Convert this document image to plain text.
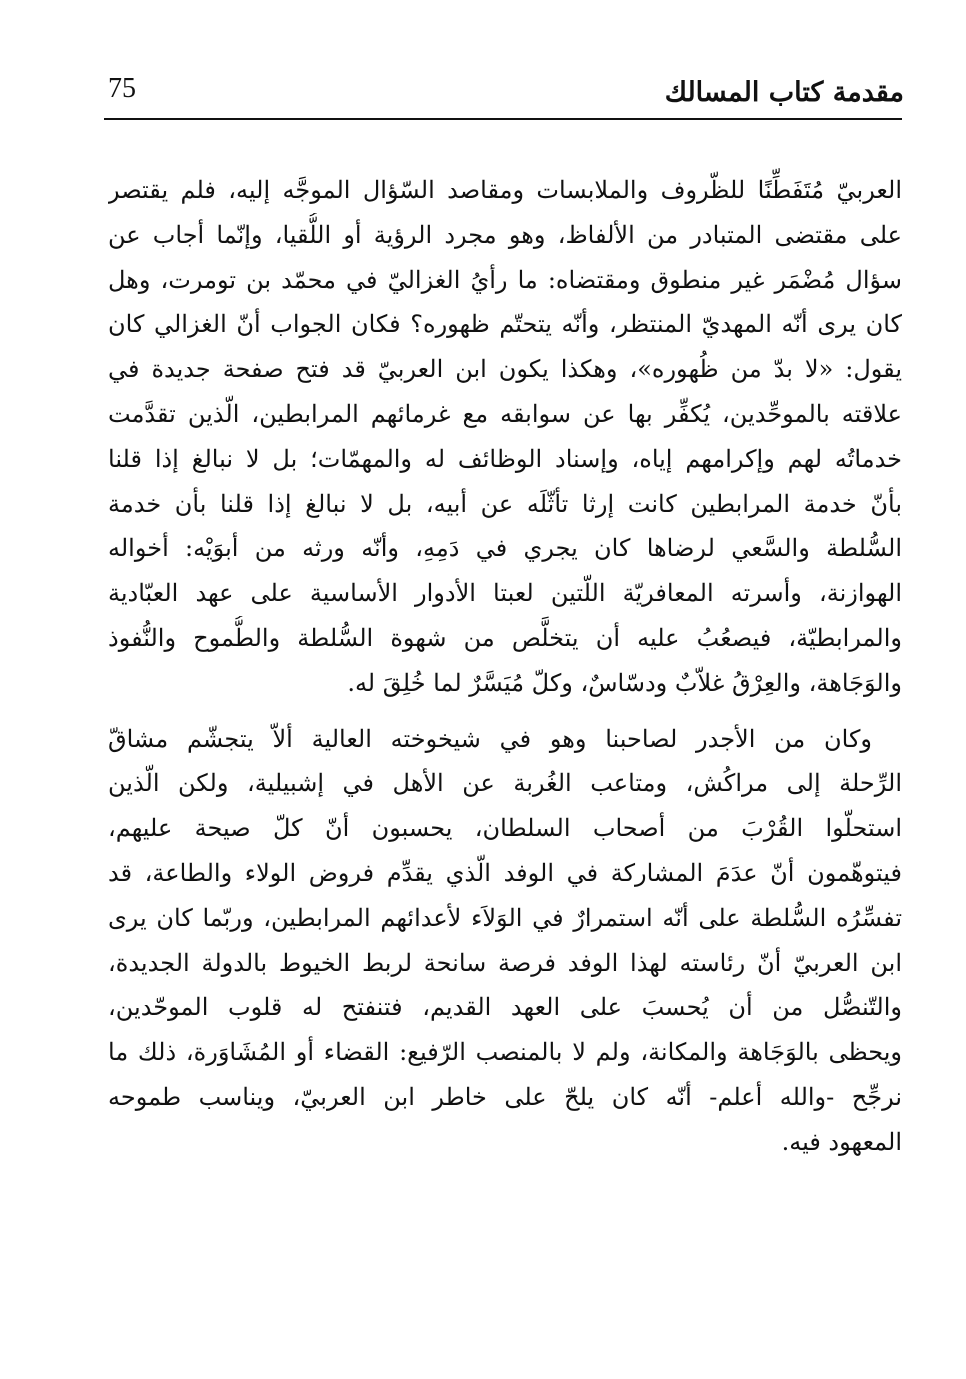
75	مقدمة كتاب المسالك
العربيّ مُتَفَطِّنًا للظّروف والملابسات ومقاصد السّؤال الموجَّه إليه، فلم يقتصر
على مقتضى المتبادر من الألفاظ، وهو مجرد الرؤية أو اللُّقيا، وإنّما أجاب عن
سؤال مُضْمَر غير منطوق ومقتضاه: ما رأيُ الغزاليّ في محمّد بن تومرت، وهل
كان يرى أنّه المهديّ المنتظر، وأنّه يتحتّم ظهوره؟ فكان الجواب أنّ الغزالي كان
يقول: «لا بدّ من ظُهوره»، وهكذا يكون ابن العربيّ قد فتح صفحة جديدة في
علاقته بالموحِّدين، يُكفِّر بها عن سوابقه مع غرمائهم المرابطين، الّذين تقدَّمت
خدماتُه لهم وإكرامهم إياه، وإسناد الوظائف له والمهمّات؛ بل لا نبالغ إذا قلنا
بأنّ خدمة المرابطين كانت إرثا تأثّلَه عن أبيه، بل لا نبالغ إذا قلنا بأن خدمة
السُّلطة والسَّعي لرضاها كان يجري في دَمِهِ، وأنّه ورثه من أبوَيْه: أخواله
الهوازنة، وأسرته المعافريّة اللّتين لعبتا الأدوار الأساسية على عهد العبّادية
والمرابطيّة، فيصعُبُ عليه أن يتخلَّص من شهوة السُّلطة والطُّموح والنُّفوذ
والوَجَاهة، والعِرْقُ غلاّبٌ ودسّاسٌ، وكلّ مُيَسَّرٌ لما خُلِقَ له.
وكان من الأجدر لصاحبنا وهو في شيخوخته العالية ألاّ يتجشّم مشاقّ
الرِّحلة إلى مراكُش، ومتاعب الغُربة عن الأهل في إشبيلية، ولكن الّذين
استحلّوا القُرْبَ من أصحاب السلطان، يحسبون أنّ كلّ صيحة عليهم،
فيتوهّمون أنّ عدَمَ المشاركة في الوفد الّذي يقدِّم فروض الولاء والطاعة، قد
تفسِّرُه السُّلطة على أنّه استمرارٌ في الوَلاَء لأعدائهم المرابطين، وربّما كان يرى
ابن العربيّ أنّ رئاسته لهذا الوفد فرصة سانحة لربط الخيوط بالدولة الجديدة،
والتّنصُّل من أن يُحسبَ على العهد القديم، فتنفتح له قلوب الموحّدين،
ويحظى بالوَجَاهة والمكانة، ولم لا بالمنصب الرّفيع: القضاء أو المُشَاوَرة، ذلك ما
نرجِّح -والله أعلم- أنّه كان يلحّ على خاطر ابن العربيّ، ويناسب طموحه
المعهود فيه.
